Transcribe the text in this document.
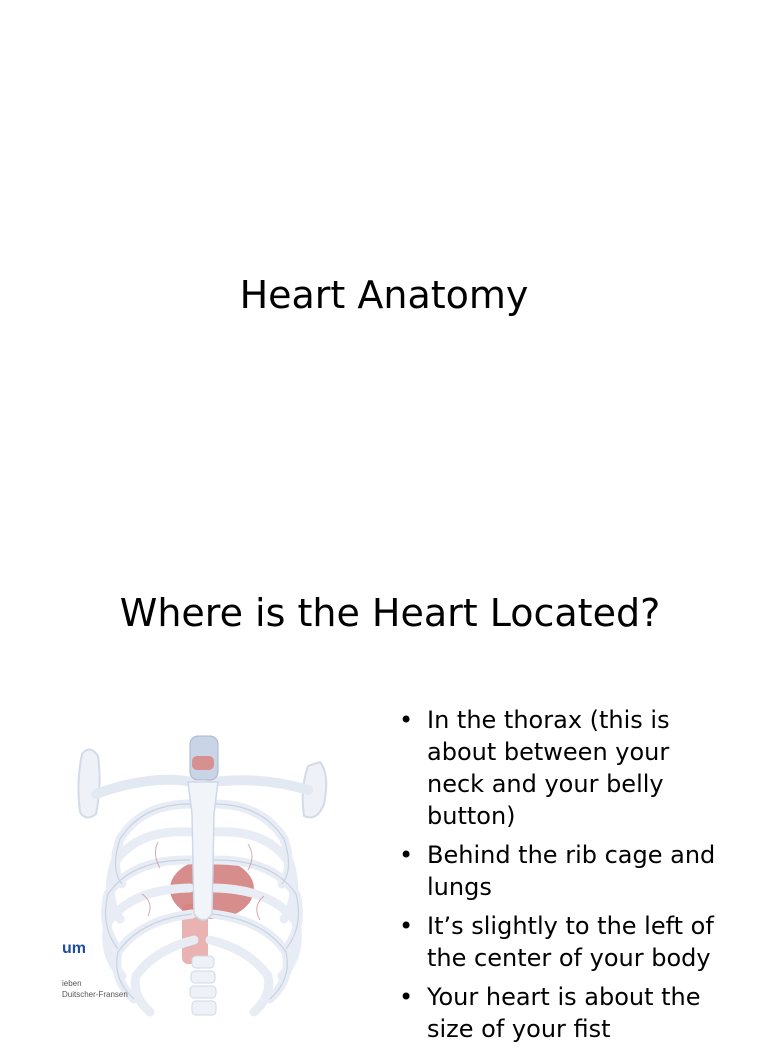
Heart Anatomy
Where is the Heart Located?
um
ieben
Duitscher-Fransen
• In the thorax (this is about between your neck and your belly button)
• Behind the rib cage and lungs
• It’s slightly to the left of the center of your body
• Your heart is about the size of your fist
